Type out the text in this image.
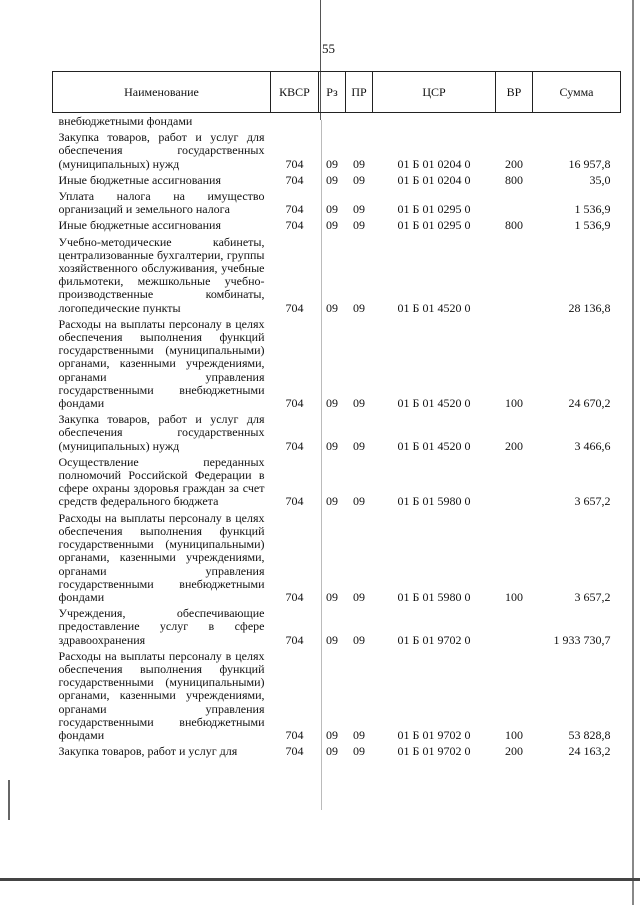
55
Наименование	КВСР	Рз	ПР	ЦСР	ВР	Сумма
внебюджетными фондами						
Закупка товаров, работ и услуг для обеспечения государственных (муниципальных) нужд	704	09	09	01 Б 01 0204 0	200	16 957,8
Иные бюджетные ассигнования	704	09	09	01 Б 01 0204 0	800	35,0
Уплата налога на имущество организаций и земельного налога	704	09	09	01 Б 01 0295 0		1 536,9
Иные бюджетные ассигнования	704	09	09	01 Б 01 0295 0	800	1 536,9
Учебно-методические кабинеты, централизованные бухгалтерии, группы хозяйственного обслуживания, учебные фильмотеки, межшкольные учебно-производственные комбинаты, логопедические пункты	704	09	09	01 Б 01 4520 0		28 136,8
Расходы на выплаты персоналу в целях обеспечения выполнения функций государственными (муниципальными) органами, казенными учреждениями, органами управления государственными внебюджетными фондами	704	09	09	01 Б 01 4520 0	100	24 670,2
Закупка товаров, работ и услуг для обеспечения государственных (муниципальных) нужд	704	09	09	01 Б 01 4520 0	200	3 466,6
Осуществление переданных полномочий Российской Федерации в сфере охраны здоровья граждан за счет средств федерального бюджета	704	09	09	01 Б 01 5980 0		3 657,2
Расходы на выплаты персоналу в целях обеспечения выполнения функций государственными (муниципальными) органами, казенными учреждениями, органами управления государственными внебюджетными фондами	704	09	09	01 Б 01 5980 0	100	3 657,2
Учреждения, обеспечивающие предоставление услуг в сфере здравоохранения	704	09	09	01 Б 01 9702 0		1 933 730,7
Расходы на выплаты персоналу в целях обеспечения выполнения функций государственными (муниципальными) органами, казенными учреждениями, органами управления государственными внебюджетными фондами	704	09	09	01 Б 01 9702 0	100	53 828,8
Закупка товаров, работ и услуг для	704	09	09	01 Б 01 9702 0	200	24 163,2
